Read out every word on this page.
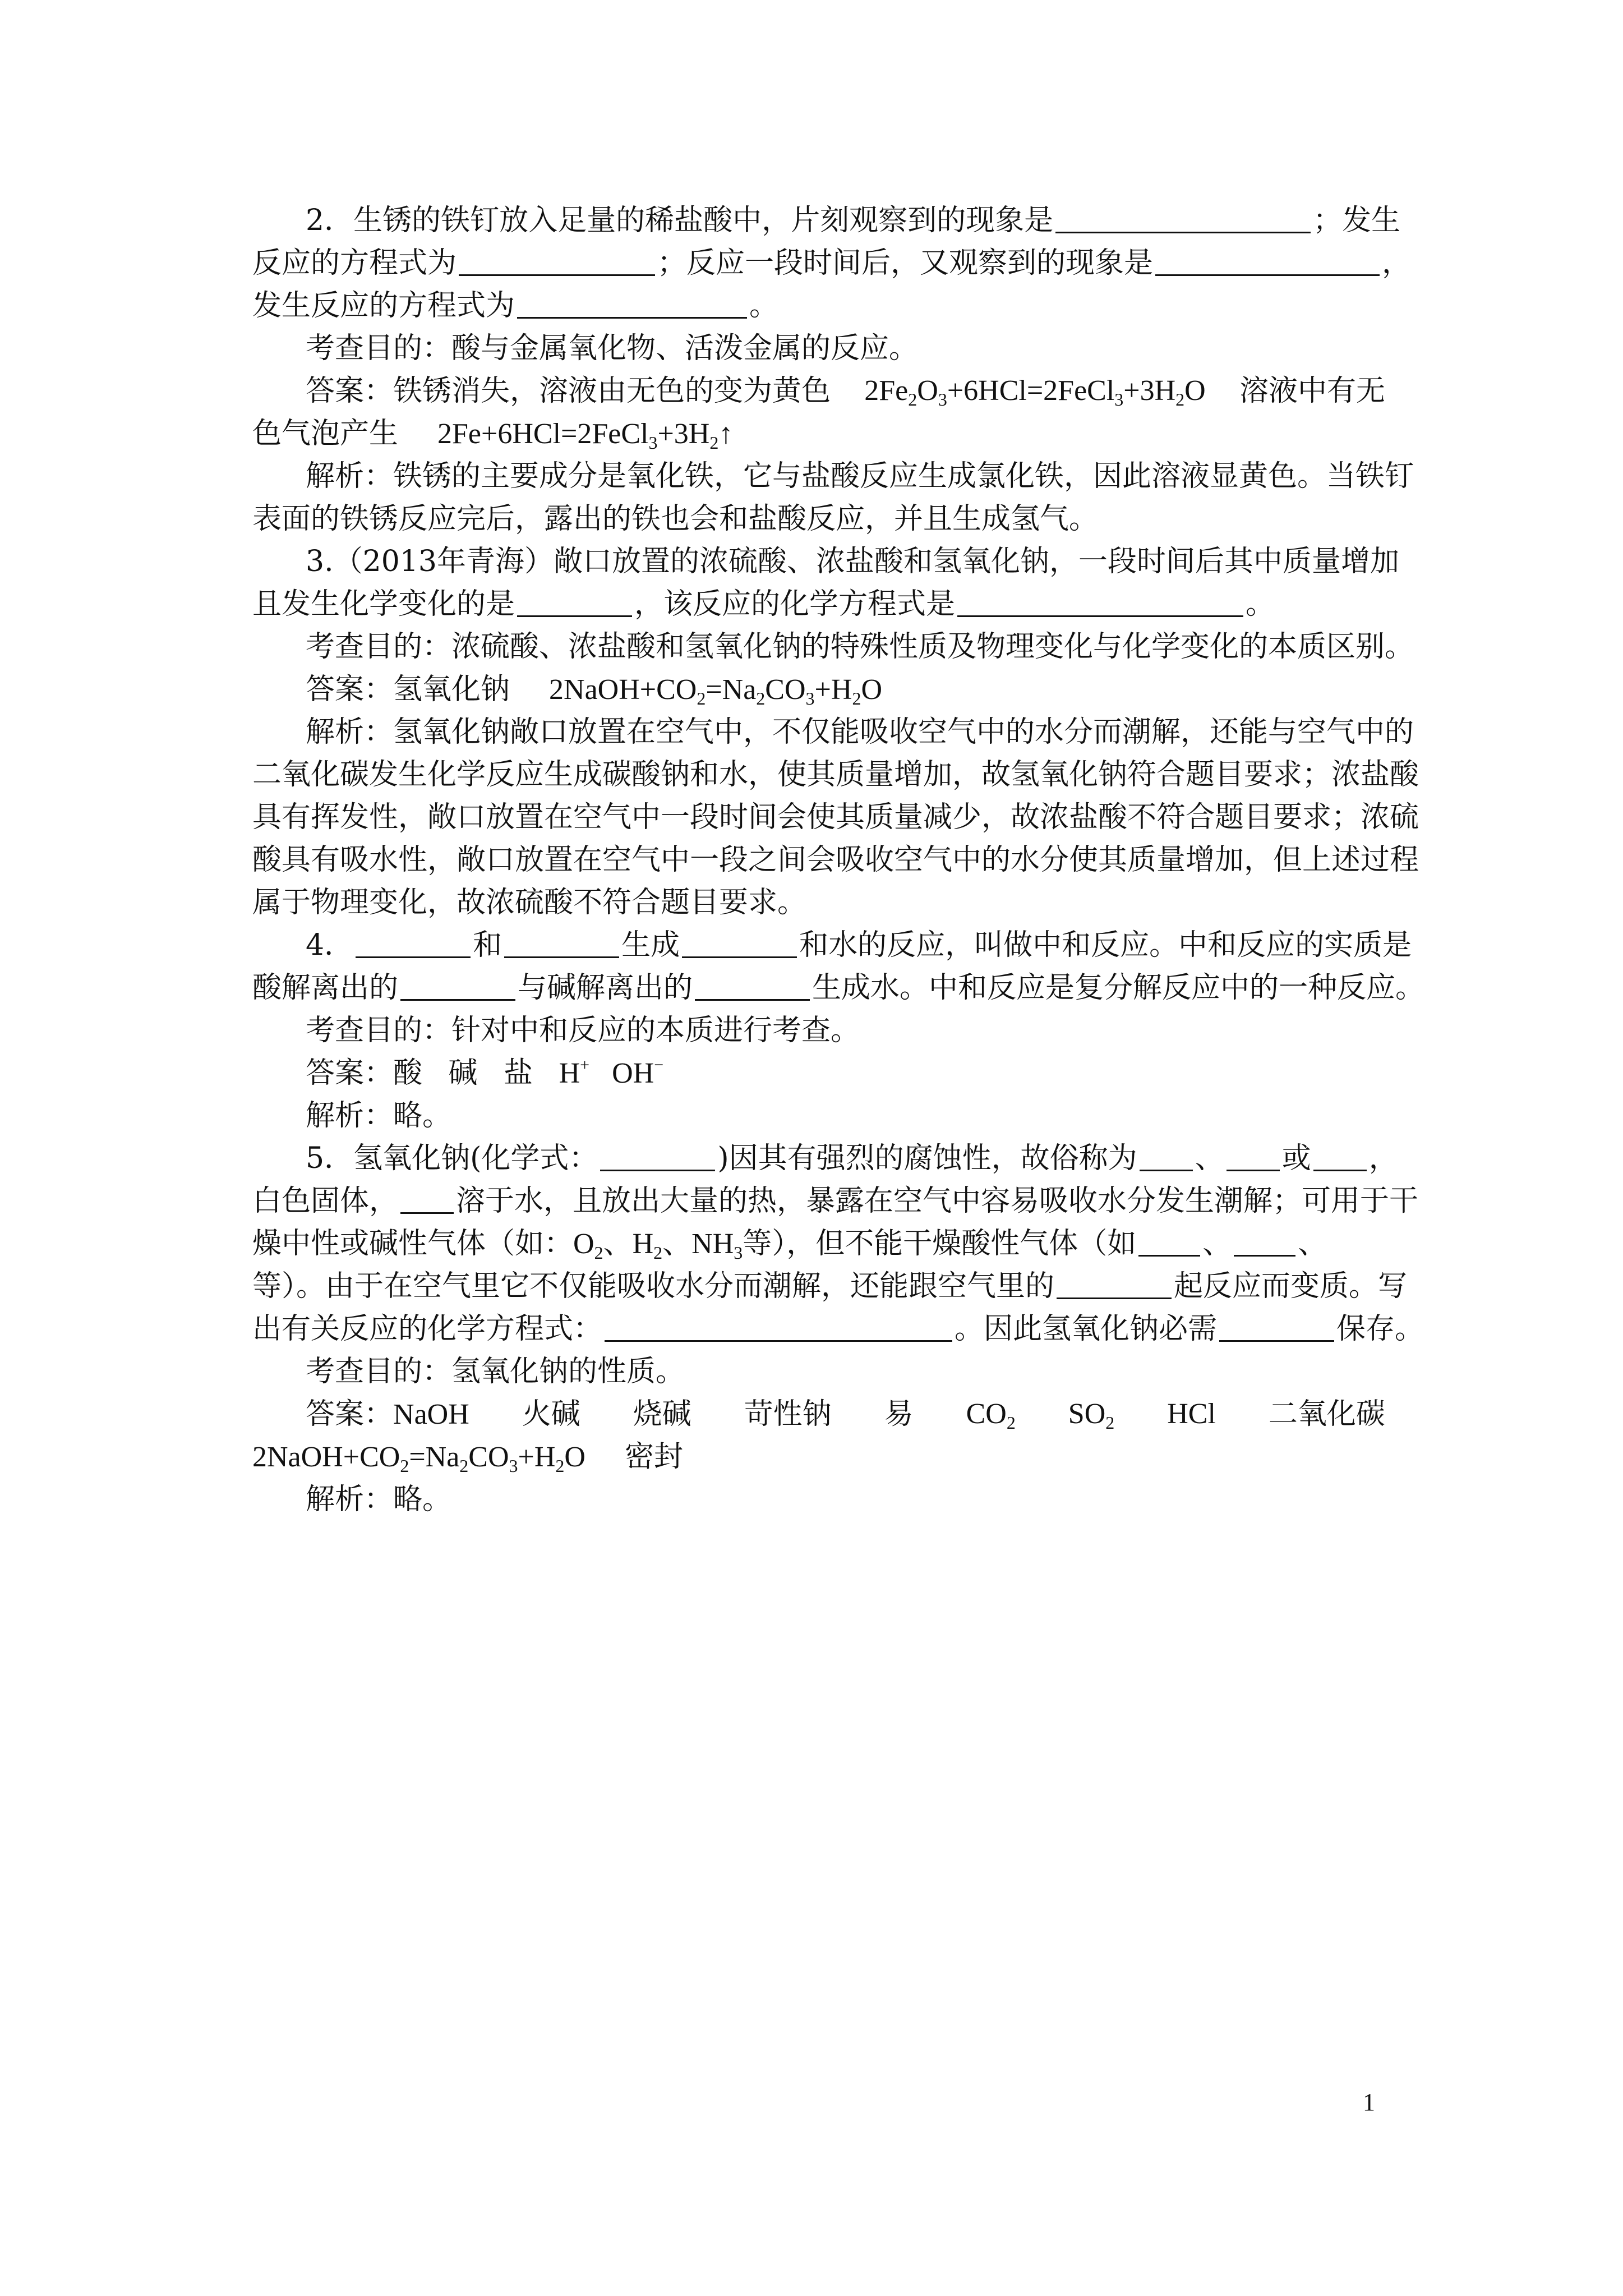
2．生锈的铁钉放入足量的稀盐酸中，片刻观察到的现象是	；发生
反应的方程式为	；反应一段时间后，又观察到的现象是	，
发生反应的方程式为	。
考查目的：酸与金属氧化物、活泼金属的反应。
答案：铁锈消失，溶液由无色的变为黄色 $2Fe_2O_3+6HCl=2FeCl_3+3H_2O$ 溶液中有无
色气泡产生 $2Fe+6HCl=2FeCl_3+3H_2↑$
解析：铁锈的主要成分是氧化铁，它与盐酸反应生成氯化铁，因此溶液显黄色。当铁钉
表面的铁锈反应完后，露出的铁也会和盐酸反应，并且生成氢气。
3.（2013年青海）敞口放置的浓硫酸、浓盐酸和氢氧化钠，一段时间后其中质量增加
且发生化学变化的是	，该反应的化学方程式是	。
考查目的：浓硫酸、浓盐酸和氢氧化钠的特殊性质及物理变化与化学变化的本质区别。
答案：氢氧化钠 $2NaOH+CO_2=Na_2CO_3+H_2O$
解析：氢氧化钠敞口放置在空气中，不仅能吸收空气中的水分而潮解，还能与空气中的
二氧化碳发生化学反应生成碳酸钠和水，使其质量增加，故氢氧化钠符合题目要求；浓盐酸
具有挥发性，敞口放置在空气中一段时间会使其质量减少，故浓盐酸不符合题目要求；浓硫
酸具有吸水性，敞口放置在空气中一段之间会吸收空气中的水分使其质量增加，但上述过程
属于物理变化，故浓硫酸不符合题目要求。
4．	和	生成	和水的反应，叫做中和反应。中和反应的实质是
酸解离出的	与碱解离出的	生成水。中和反应是复分解反应中的一种反应。
考查目的：针对中和反应的本质进行考查。
答案：酸 碱 盐 H+ OH−
解析：略。
5．氢氧化钠(化学式：	)因其有强烈的腐蚀性，故俗称为 、 或 ，
白色固体， 溶于水，且放出大量的热，暴露在空气中容易吸收水分发生潮解；可用于干
燥中性或碱性气体（如：$O_2$、$H_2$、$NH_3$等），但不能干燥酸性气体（如 、 、
等）。由于在空气里它不仅能吸收水分而潮解，还能跟空气里的	起反应而变质。写
出有关反应的化学方程式：	。因此氢氧化钠必需	保存。
考查目的：氢氧化钠的性质。
答案：NaOH 火碱 烧碱 苛性钠 易 $CO_2$ $SO_2$ HCl 二氧化碳
$2NaOH+CO_2=Na_2CO_3+H_2O$ 密封
解析：略。
1
